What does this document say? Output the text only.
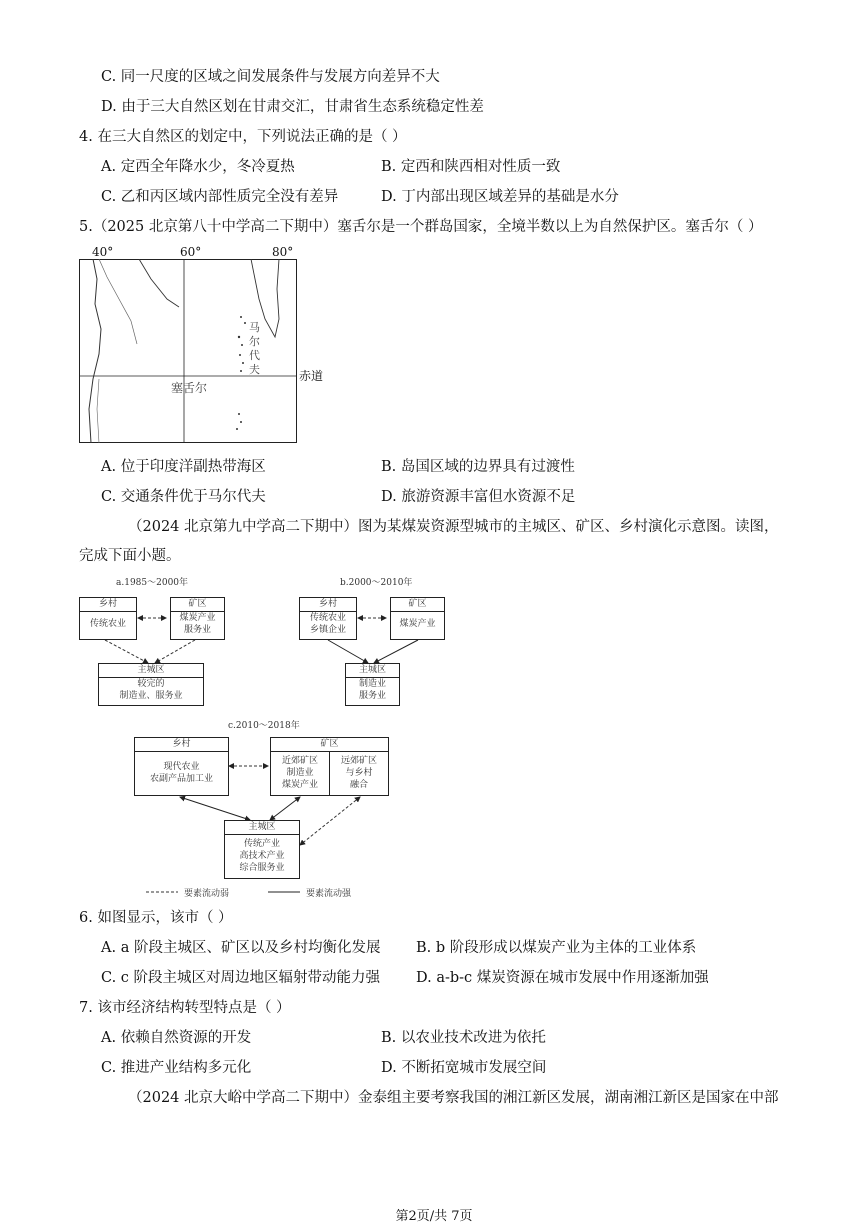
C. 同一尺度的区域之间发展条件与发展方向差异不大
D. 由于三大自然区划在甘肃交汇，甘肃省生态系统稳定性差
4. 在三大自然区的划定中，下列说法正确的是（ ）
A. 定西全年降水少，冬冷夏热	B. 定西和陕西相对性质一致
C. 乙和丙区域内部性质完全没有差异	D. 丁内部出现区域差异的基础是水分
5.（2025 北京第八十中学高二下期中）塞舌尔是一个群岛国家，全境半数以上为自然保护区。塞舌尔（ ）
塞舌尔
马尔代夫
40°	60°	80°
赤道
A. 位于印度洋副热带海区	B. 岛国区域的边界具有过渡性
C. 交通条件优于马尔代夫	D. 旅游资源丰富但水资源不足
（2024 北京第九中学高二下期中）图为某煤炭资源型城市的主城区、矿区、乡村演化示意图。读图，
完成下面小题。
a.1985～2000年	b.2000～2010年
c.2010～2018年
乡村
传统农业
矿区
煤炭产业
服务业
主城区
较完的
制造业、服务业
乡村
传统农业
乡镇企业
矿区
煤炭产业
主城区
制造业
服务业
乡村
现代农业
农副产品加工业
矿区
近郊矿区
制造业
煤炭产业
远郊矿区
与乡村
融合
主城区
传统产业
高技术产业
综合服务业
要素流动弱	要素流动强
6. 如图显示，该市（ ）
A. a 阶段主城区、矿区以及乡村均衡化发展 B. b 阶段形成以煤炭产业为主体的工业体系
C. c 阶段主城区对周边地区辐射带动能力强 D. a-b-c 煤炭资源在城市发展中作用逐渐加强
7. 该市经济结构转型特点是（ ）
A. 依赖自然资源的开发	B. 以农业技术改进为依托
C. 推进产业结构多元化	D. 不断拓宽城市发展空间
（2024 北京大峪中学高二下期中）金泰组主要考察我国的湘江新区发展，湖南湘江新区是国家在中部
第2页/共 7页
